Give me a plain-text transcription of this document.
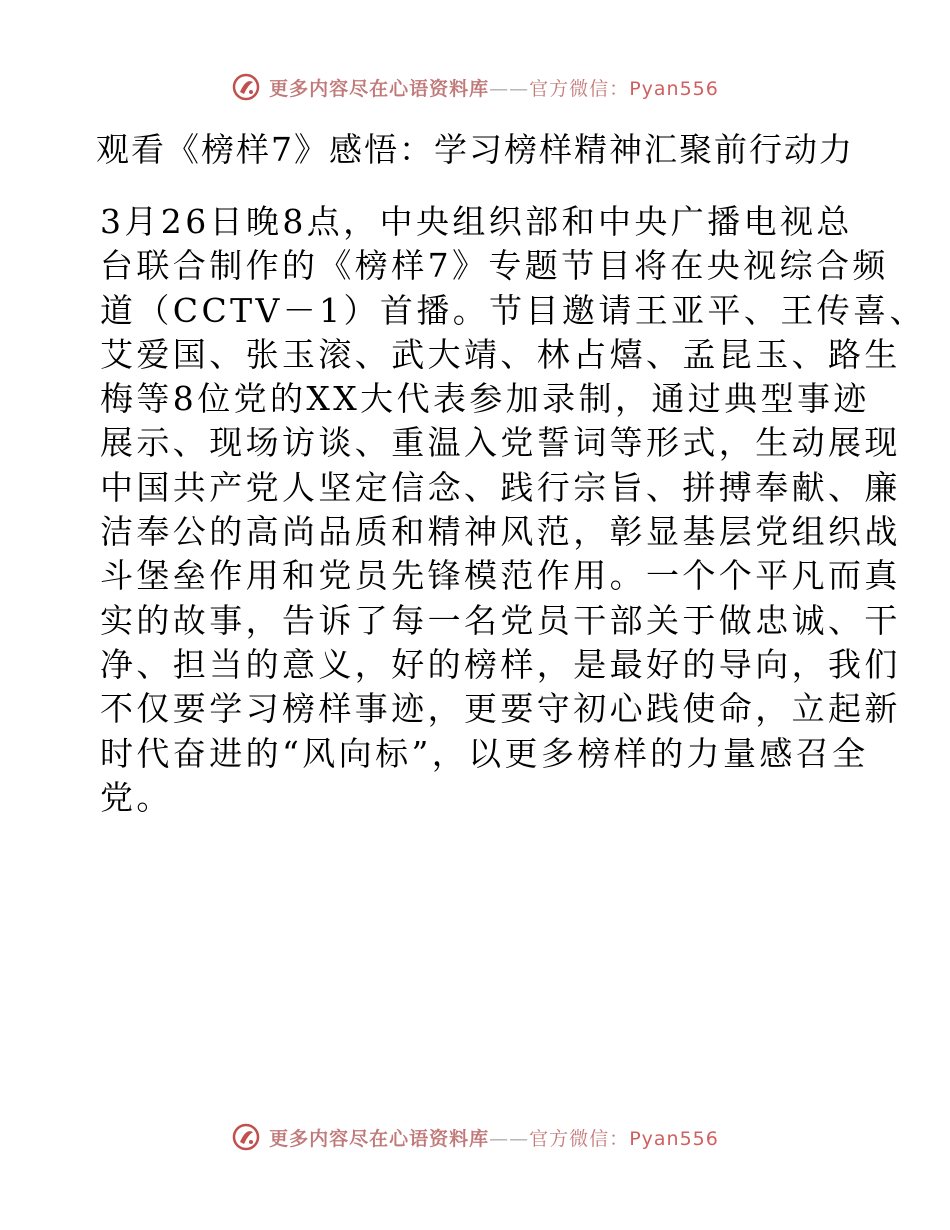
更多内容尽在心语资料库——官方微信：Pyan556
观看《榜样7》感悟：学习榜样精神汇聚前行动力
3月26日晚8点，中央组织部和中央广播电视总
台联合制作的《榜样7》专题节目将在央视综合频
道（CCTV－1）首播。节目邀请王亚平、王传喜、
艾爱国、张玉滚、武大靖、林占熺、孟昆玉、路生
梅等8位党的XX大代表参加录制，通过典型事迹
展示、现场访谈、重温入党誓词等形式，生动展现
中国共产党人坚定信念、践行宗旨、拼搏奉献、廉
洁奉公的高尚品质和精神风范，彰显基层党组织战
斗堡垒作用和党员先锋模范作用。一个个平凡而真
实的故事，告诉了每一名党员干部关于做忠诚、干
净、担当的意义，好的榜样，是最好的导向，我们
不仅要学习榜样事迹，更要守初心践使命，立起新
时代奋进的“风向标”，以更多榜样的力量感召全
党。
更多内容尽在心语资料库——官方微信：Pyan556
